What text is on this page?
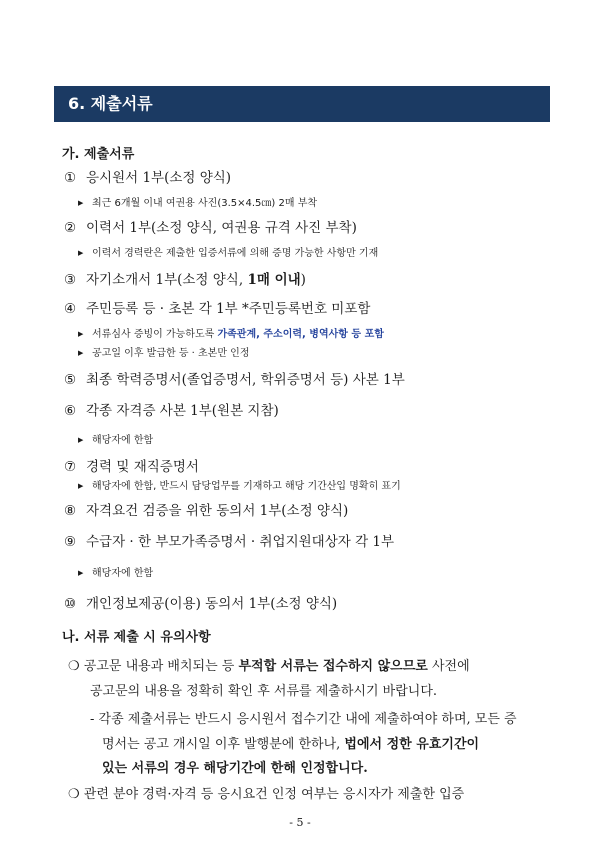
6. 제출서류
가. 제출서류
① 응시원서 1부(소정 양식)
▶ 최근 6개월 이내 여권용 사진(3.5×4.5㎝) 2매 부착
② 이력서 1부(소정 양식, 여권용 규격 사진 부착)
▶ 이력서 경력란은 제출한 입증서류에 의해 증명 가능한 사항만 기재
③ 자기소개서 1부(소정 양식, 1매 이내)
④ 주민등록 등 · 초본 각 1부 *주민등록번호 미포함
▶ 서류심사 증빙이 가능하도록 가족관계, 주소이력, 병역사항 등 포함
▶ 공고일 이후 발급한 등 · 초본만 인정
⑤ 최종 학력증명서(졸업증명서, 학위증명서 등) 사본 1부
⑥ 각종 자격증 사본 1부(원본 지참)
▶ 해당자에 한함
⑦ 경력 및 재직증명서
▶ 해당자에 한함, 반드시 담당업무를 기재하고 해당 기간산입 명확히 표기
⑧ 자격요건 검증을 위한 동의서 1부(소정 양식)
⑨ 수급자 · 한 부모가족증명서 · 취업지원대상자 각 1부
▶ 해당자에 한함
⑩ 개인정보제공(이용) 동의서 1부(소정 양식)
나. 서류 제출 시 유의사항
❍ 공고문 내용과 배치되는 등 부적합 서류는 접수하지 않으므로 사전에
공고문의 내용을 정확히 확인 후 서류를 제출하시기 바랍니다.
- 각종 제출서류는 반드시 응시원서 접수기간 내에 제출하여야 하며, 모든 증
명서는 공고 개시일 이후 발행분에 한하나, 법에서 정한 유효기간이
있는 서류의 경우 해당기간에 한해 인정합니다.
❍ 관련 분야 경력·자격 등 응시요건 인정 여부는 응시자가 제출한 입증
- 5 -
